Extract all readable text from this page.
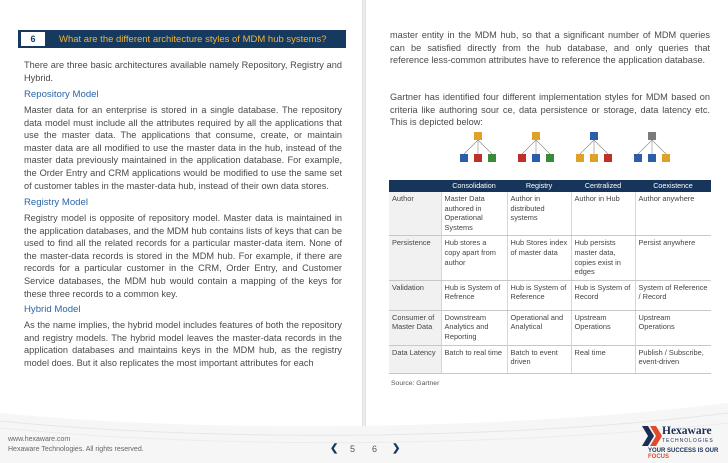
6	What are the different architecture styles of MDM hub systems?
There are three basic architectures available namely Repository, Registry and Hybrid.
Repository Model
Master data for an enterprise is stored in a single database. The repository data model must include all the attributes required by all the applications that use the master data. The applications that consume, create, or maintain master data are all modified to use the master data in the hub, instead of the master data previously maintained in the application database. For example, the Order Entry and CRM applications would be modified to use the same set of customer tables in the master-data hub, instead of their own data stores.
Registry Model
Registry model is opposite of repository model. Master data is maintained in the application databases, and the MDM hub contains lists of keys that can be used to find all the related records for a particular master-data item. None of the master-data records is stored in the MDM hub. For example, if there are records for a particular customer in the CRM, Order Entry, and Customer Service databases, the MDM hub would contain a mapping of the keys for these three records to a common key.
Hybrid Model
As the name implies, the hybrid model includes features of both the repository and registry models. The hybrid model leaves the master-data records in the application databases and maintains keys in the MDM hub, as the registry model does. But it also replicates the most important attributes for each
master entity in the MDM hub, so that a significant number of MDM queries can be satisfied directly from the hub database, and only queries that reference less-common attributes have to reference the application database.
Gartner has identified four different implementation styles for MDM based on criteria like authoring sour ce, data persistence or storage, data latency etc. This is depicted below:
	Consolidation	Registry	Centralized	Coexistence
Author	Master Data authored in Operational Systems	Author in distributed systems	Author in Hub	Author anywhere
Persistence	Hub stores a copy apart from author	Hub Stores index of master data	Hub persists master data, copies exist in edges	Persist anywhere
Validation	Hub is System of Refrence	Hub is System of Reference	Hub is System of Record	System of Reference / Record
Consumer of Master Data	Downstream Analytics and Reporting	Operational and Analytical	Upstream Operations	Upstream Operations
Data Latency	Batch to real time	Batch to event driven	Real time	Publish / Subscribe, event-driven
Source: Gartner
www.hexaware.com
Hexaware Technologies. All rights reserved.	❮ 5 6 ❯
Hexaware
TECHNOLOGIES
YOUR SUCCESS IS OUR FOCUS
